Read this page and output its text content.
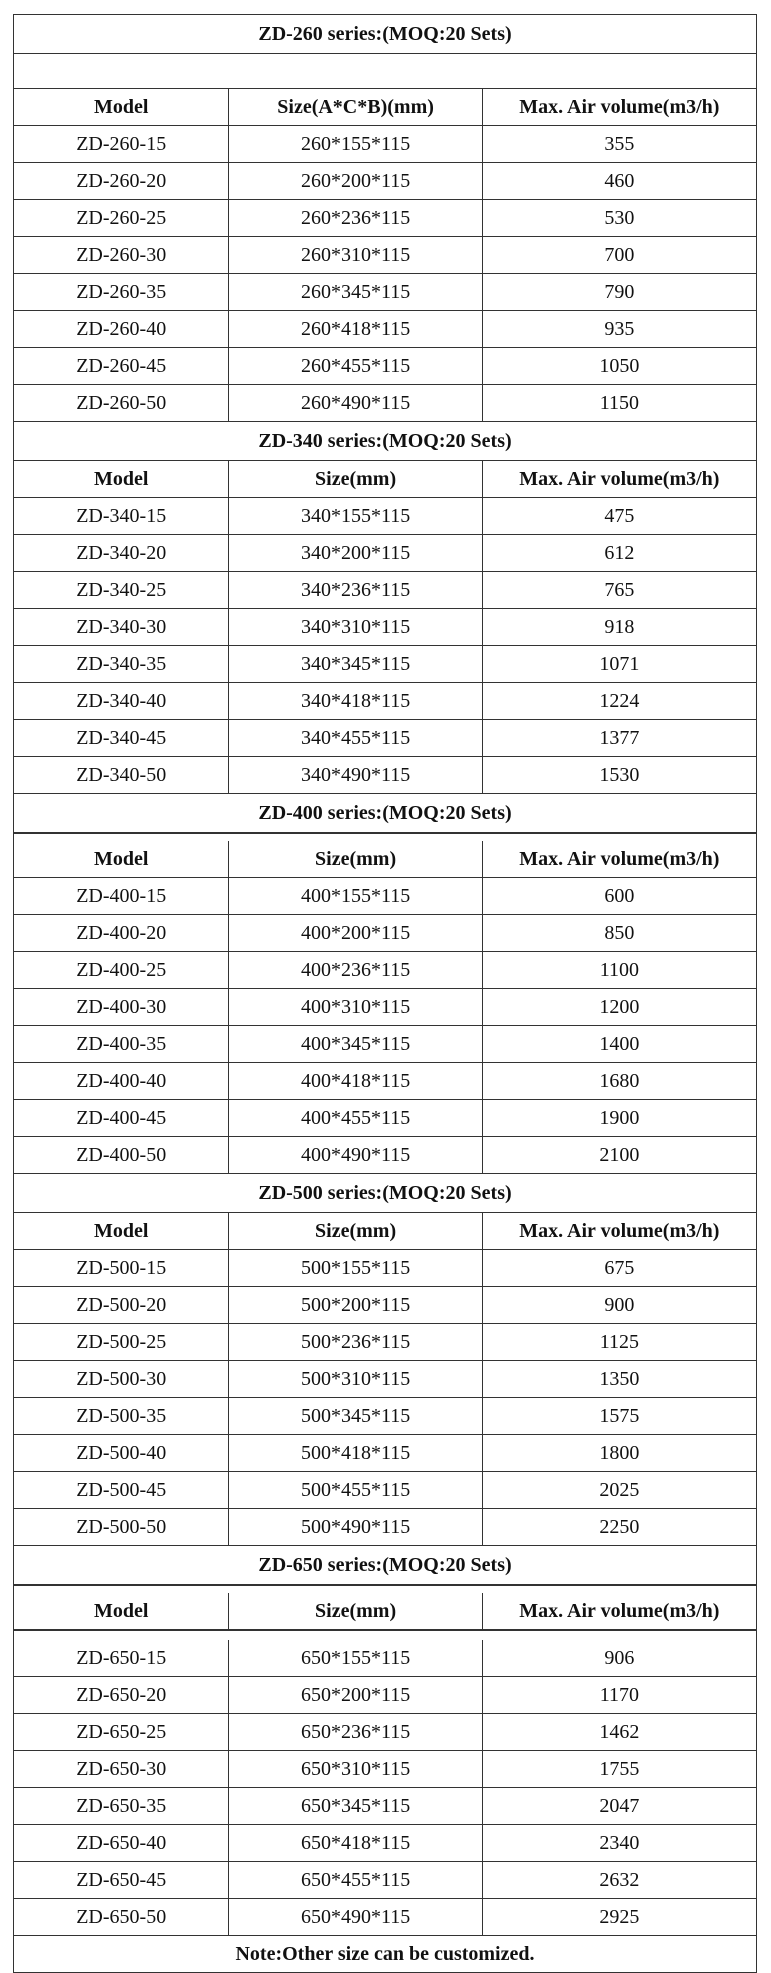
ZD-260 series:(MOQ:20 Sets)
Model	Size(A*C*B)(mm)	Max. Air volume(m3/h)
ZD-260-15	260*155*115	355
ZD-260-20	260*200*115	460
ZD-260-25	260*236*115	530
ZD-260-30	260*310*115	700
ZD-260-35	260*345*115	790
ZD-260-40	260*418*115	935
ZD-260-45	260*455*115	1050
ZD-260-50	260*490*115	1150
ZD-340 series:(MOQ:20 Sets)
Model	Size(mm)	Max. Air volume(m3/h)
ZD-340-15	340*155*115	475
ZD-340-20	340*200*115	612
ZD-340-25	340*236*115	765
ZD-340-30	340*310*115	918
ZD-340-35	340*345*115	1071
ZD-340-40	340*418*115	1224
ZD-340-45	340*455*115	1377
ZD-340-50	340*490*115	1530
ZD-400 series:(MOQ:20 Sets)
Model	Size(mm)	Max. Air volume(m3/h)
ZD-400-15	400*155*115	600
ZD-400-20	400*200*115	850
ZD-400-25	400*236*115	1100
ZD-400-30	400*310*115	1200
ZD-400-35	400*345*115	1400
ZD-400-40	400*418*115	1680
ZD-400-45	400*455*115	1900
ZD-400-50	400*490*115	2100
ZD-500 series:(MOQ:20 Sets)
Model	Size(mm)	Max. Air volume(m3/h)
ZD-500-15	500*155*115	675
ZD-500-20	500*200*115	900
ZD-500-25	500*236*115	1125
ZD-500-30	500*310*115	1350
ZD-500-35	500*345*115	1575
ZD-500-40	500*418*115	1800
ZD-500-45	500*455*115	2025
ZD-500-50	500*490*115	2250
ZD-650 series:(MOQ:20 Sets)
Model	Size(mm)	Max. Air volume(m3/h)
ZD-650-15	650*155*115	906
ZD-650-20	650*200*115	1170
ZD-650-25	650*236*115	1462
ZD-650-30	650*310*115	1755
ZD-650-35	650*345*115	2047
ZD-650-40	650*418*115	2340
ZD-650-45	650*455*115	2632
ZD-650-50	650*490*115	2925
Note:Other size can be customized.
